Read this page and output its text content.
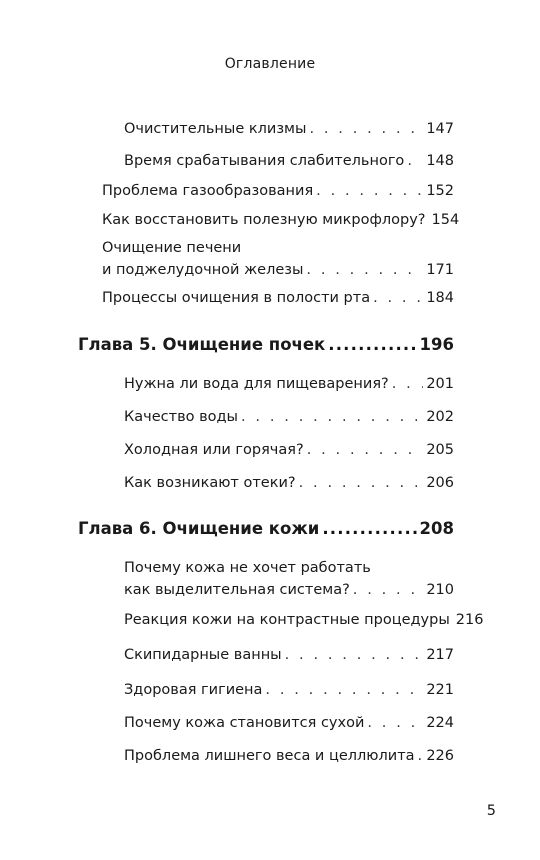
Оглавление
Очистительные клизмы . . .	147
Время срабатывания слабительного . . . 148
Проблема газообразования . . .	152
Как восстановить полезную микрофлору? 154
Очищение печени
и поджелудочной железы . . .	171
Процессы очищения в полости рта . . .	184
Глава 5. Очищение почек .....	196
Нужна ли вода для пищеварения? . . .	201
Качество воды . . .	202
Холодная или горячая? . . .	205
Как возникают отеки? . . .	206
Глава 6. Очищение кожи .....	208
Почему кожа не хочет работать
как выделительная система? . . .	210
Реакция кожи на контрастные процедуры 216
Скипидарные ванны . . .	217
Здоровая гигиена . . .	221
Почему кожа становится сухой . . .	224
Проблема лишнего веса и целлюлита . . . 226
5
